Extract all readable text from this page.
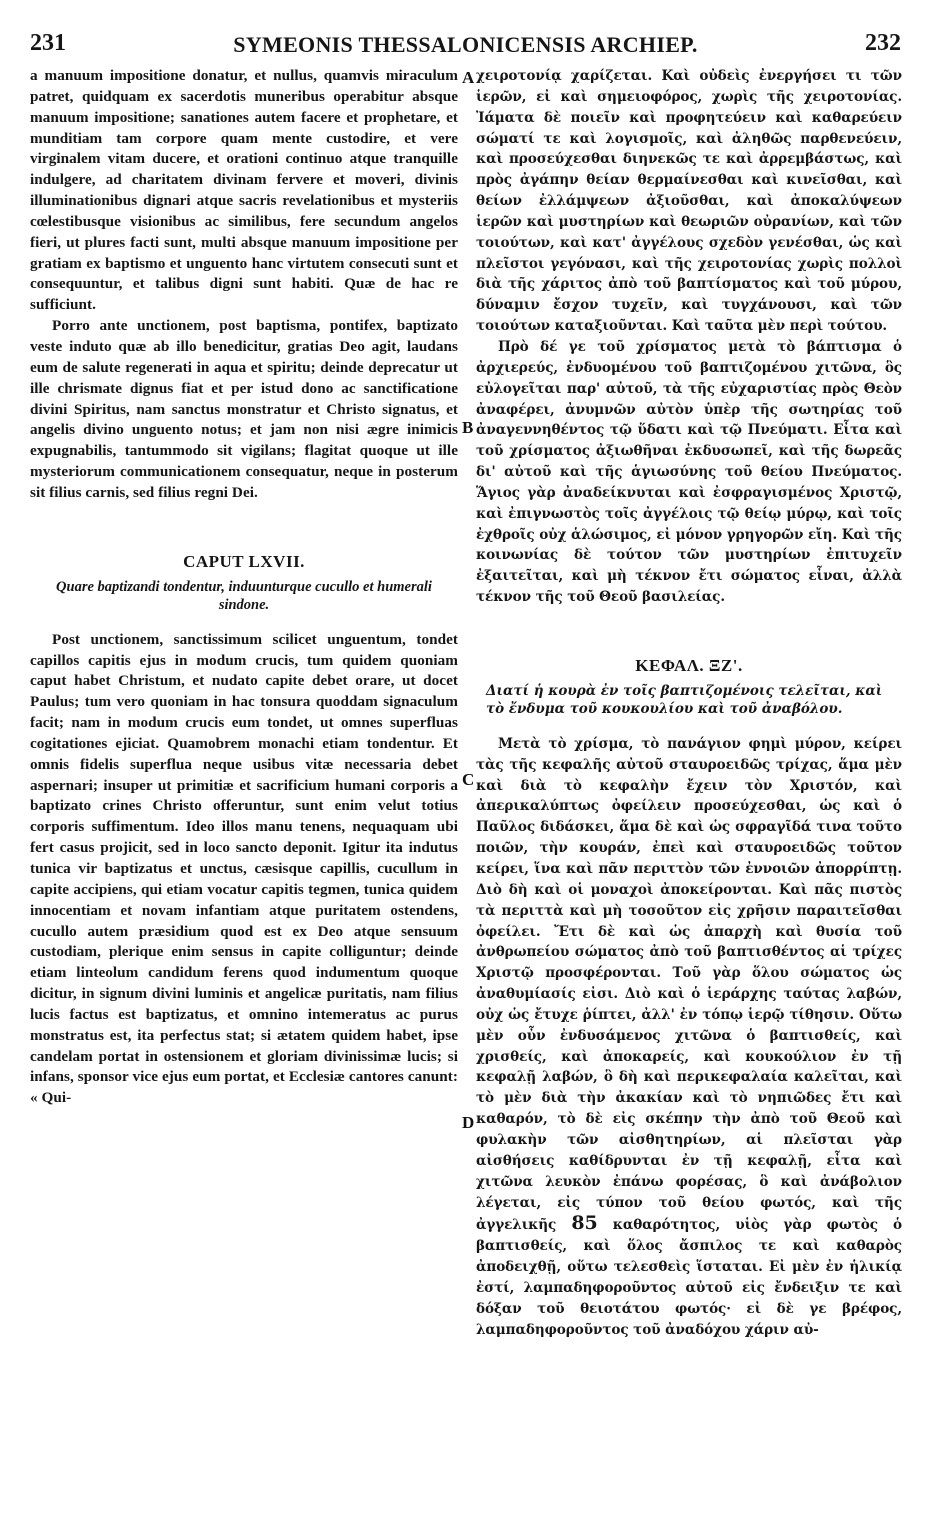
231	SYMEONIS THESSALONICENSIS ARCHIEP.	232
A
B
C
D

a manuum impositione donatur, et nullus, quamvis miraculum patret, quidquam ex sacerdotis muneribus operabitur absque manuum impositione; sanationes autem facere et prophetare, et munditiam tam corpore quam mente custodire, et vere virginalem vitam ducere, et orationi continuo atque tranquille indulgere, ad charitatem divinam fervere et moveri, divinis illuminationibus dignari atque sacris revelationibus et mysteriis cœlestibusque visionibus ac similibus, fere secundum angelos fieri, ut plures facti sunt, multi absque manuum impositione per gratiam ex baptismo et unguento hanc virtutem consecuti sunt et consequuntur, et talibus digni sunt habiti. Quæ de hac re sufficiunt.

Porro ante unctionem, post baptisma, pontifex, baptizato veste induto quæ ab illo benedicitur, gratias Deo agit, laudans eum de salute regenerati in aqua et spiritu; deinde deprecatur ut ille chrismate dignus fiat et per istud dono ac sanctificatione divini Spiritus, nam sanctus monstratur et Christo signatus, et angelis divino unguento notus; et jam non nisi ægre inimicis expugnabilis, tantummodo sit vigilans; flagitat quoque ut ille mysteriorum communicationem consequatur, neque in posterum sit filius carnis, sed filius regni Dei.

CAPUT LXVII.
Quare baptizandi tondentur, induunturque cucullo et humerali sindone.

Post unctionem, sanctissimum scilicet unguentum, tondet capillos capitis ejus in modum crucis, tum quidem quoniam caput habet Christum, et nudato capite debet orare, ut docet Paulus; tum vero quoniam in hac tonsura quoddam signaculum facit; nam in modum crucis eum tondet, ut omnes superfluas cogitationes ejiciat. Quamobrem monachi etiam tondentur. Et omnis fidelis superflua neque usibus vitæ necessaria debet aspernari; insuper ut primitiæ et sacrificium humani corporis a baptizato crines Christo offeruntur, sunt enim velut totius corporis suffimentum. Ideo illos manu tenens, nequaquam ubi fert casus projicit, sed in loco sancto deponit. Igitur ita indutus tunica vir baptizatus et unctus, cæsisque capillis, cucullum in capite accipiens, qui etiam vocatur capitis tegmen, tunica quidem innocentiam et novam infantiam atque puritatem ostendens, cucullo autem præsidium quod est ex Deo atque sensuum custodiam, plerique enim sensus in capite colliguntur; deinde etiam linteolum candidum ferens quod indumentum quoque dicitur, in signum divini luminis et angelicæ puritatis, nam filius lucis factus est baptizatus, et omnino intemeratus ac purus monstratus est, ita perfectus stat; si ætatem quidem habet, ipse candelam portat in ostensionem et gloriam divinissimæ lucis; si infans, sponsor vice ejus eum portat, et Ecclesiæ cantores canunt: « Qui-

χειροτονίᾳ χαρίζεται. Καὶ οὐδεὶς ἐνεργήσει τι τῶν ἱερῶν, εἰ καὶ σημειοφόρος, χωρὶς τῆς χειροτονίας. Ἰάματα δὲ ποιεῖν καὶ προφητεύειν καὶ καθαρεύειν σώματί τε καὶ λογισμοῖς, καὶ ἀληθῶς παρθενεύειν, καὶ προσεύχεσθαι διηνεκῶς τε καὶ ἀρρεμβάστως, καὶ πρὸς ἀγάπην θείαν θερμαίνεσθαι καὶ κινεῖσθαι, καὶ θείων ἐλλάμψεων ἀξιοῦσθαι, καὶ ἀποκαλύψεων ἱερῶν καὶ μυστηρίων καὶ θεωριῶν οὐρανίων, καὶ τῶν τοιούτων, καὶ κατ' ἀγγέλους σχεδὸν γενέσθαι, ὡς καὶ πλεῖστοι γεγόνασι, καὶ τῆς χειροτονίας χωρὶς πολλοὶ διὰ τῆς χάριτος ἀπὸ τοῦ βαπτίσματος καὶ τοῦ μύρου, δύναμιν ἔσχον τυχεῖν, καὶ τυγχάνουσι, καὶ τῶν τοιούτων καταξιοῦνται. Καὶ ταῦτα μὲν περὶ τούτου.

Πρὸ δέ γε τοῦ χρίσματος μετὰ τὸ βάπτισμα ὁ ἀρχιερεύς, ἐνδυομένου τοῦ βαπτιζομένου χιτῶνα, ὃς εὐλογεῖται παρ' αὐτοῦ, τὰ τῆς εὐχαριστίας πρὸς Θεὸν ἀναφέρει, ἀνυμνῶν αὐτὸν ὑπὲρ τῆς σωτηρίας τοῦ ἀναγεννηθέντος τῷ ὕδατι καὶ τῷ Πνεύματι. Εἶτα καὶ τοῦ χρίσματος ἀξιωθῆναι ἐκδυσωπεῖ, καὶ τῆς δωρεᾶς δι' αὐτοῦ καὶ τῆς ἁγιωσύνης τοῦ θείου Πνεύματος. Ἅγιος γὰρ ἀναδείκνυται καὶ ἐσφραγισμένος Χριστῷ, καὶ ἐπιγνωστὸς τοῖς ἀγγέλοις τῷ θείῳ μύρῳ, καὶ τοῖς ἐχθροῖς οὐχ ἁλώσιμος, εἰ μόνον γρηγορῶν εἴη. Καὶ τῆς κοινωνίας δὲ τούτον τῶν μυστηρίων ἐπιτυχεῖν ἐξαιτεῖται, καὶ μὴ τέκνον ἔτι σώματος εἶναι, ἀλλὰ τέκνον τῆς τοῦ Θεοῦ βασιλείας.

ΚΕΦΑΛ. ΞΖ'.
Διατί ἡ κουρὰ ἐν τοῖς βαπτιζομένοις τελεῖται, καὶ τὸ ἔνδυμα τοῦ κουκουλίου καὶ τοῦ ἀναβόλου.

Μετὰ τὸ χρίσμα, τὸ πανάγιον φημὶ μύρον, κείρει τὰς τῆς κεφαλῆς αὐτοῦ σταυροειδῶς τρίχας, ἅμα μὲν καὶ διὰ τὸ κεφαλὴν ἔχειν τὸν Χριστόν, καὶ ἀπερικαλύπτως ὀφείλειν προσεύχεσθαι, ὡς καὶ ὁ Παῦλος διδάσκει, ἅμα δὲ καὶ ὡς σφραγῖδά τινα τοῦτο ποιῶν, τὴν κουράν, ἐπεὶ καὶ σταυροειδῶς τοῦτον κείρει, ἵνα καὶ πᾶν περιττὸν τῶν ἐννοιῶν ἀπορρίπτῃ. Διὸ δὴ καὶ οἱ μοναχοὶ ἀποκείρονται. Καὶ πᾶς πιστὸς τὰ περιττὰ καὶ μὴ τοσοῦτον εἰς χρῆσιν παραιτεῖσθαι ὀφείλει. Ἔτι δὲ καὶ ὡς ἀπαρχὴ καὶ θυσία τοῦ ἀνθρωπείου σώματος ἀπὸ τοῦ βαπτισθέντος αἱ τρίχες Χριστῷ προσφέρονται. Τοῦ γὰρ ὅλου σώματος ὡς ἀναθυμίασίς εἰσι. Διὸ καὶ ὁ ἱεράρχης ταύτας λαβών, οὐχ ὡς ἔτυχε ῥίπτει, ἀλλ' ἐν τόπῳ ἱερῷ τίθησιν. Οὕτω μὲν οὖν ἐνδυσάμενος χιτῶνα ὁ βαπτισθείς, καὶ χρισθείς, καὶ ἀποκαρείς, καὶ κουκούλιον ἐν τῇ κεφαλῇ λαβών, ὃ δὴ καὶ περικεφαλαία καλεῖται, καὶ τὸ μὲν διὰ τὴν ἀκακίαν καὶ τὸ νηπιῶδες ἔτι καὶ καθαρόν, τὸ δὲ εἰς σκέπην τὴν ἀπὸ τοῦ Θεοῦ καὶ φυλακὴν τῶν αἰσθητηρίων, αἱ πλεῖσται γὰρ αἰσθήσεις καθίδρυνται ἐν τῇ κεφαλῇ, εἶτα καὶ χιτῶνα λευκὸν ἐπάνω φορέσας, ὃ καὶ ἀνάβολιον λέγεται, εἰς τύπον τοῦ θείου φωτός, καὶ τῆς ἀγγελικῆς 85 καθαρότητος, υἱὸς γὰρ φωτὸς ὁ βαπτισθείς, καὶ ὅλος ἄσπιλος τε καὶ καθαρὸς ἀποδειχθῇ, οὕτω τελεσθεὶς ἵσταται. Εἰ μὲν ἐν ἡλικίᾳ ἐστί, λαμπαδηφοροῦντος αὐτοῦ εἰς ἔνδειξιν τε καὶ δόξαν τοῦ θειοτάτου φωτός· εἰ δὲ γε βρέφος, λαμπαδηφοροῦντος τοῦ ἀναδόχου χάριν αὐ-
